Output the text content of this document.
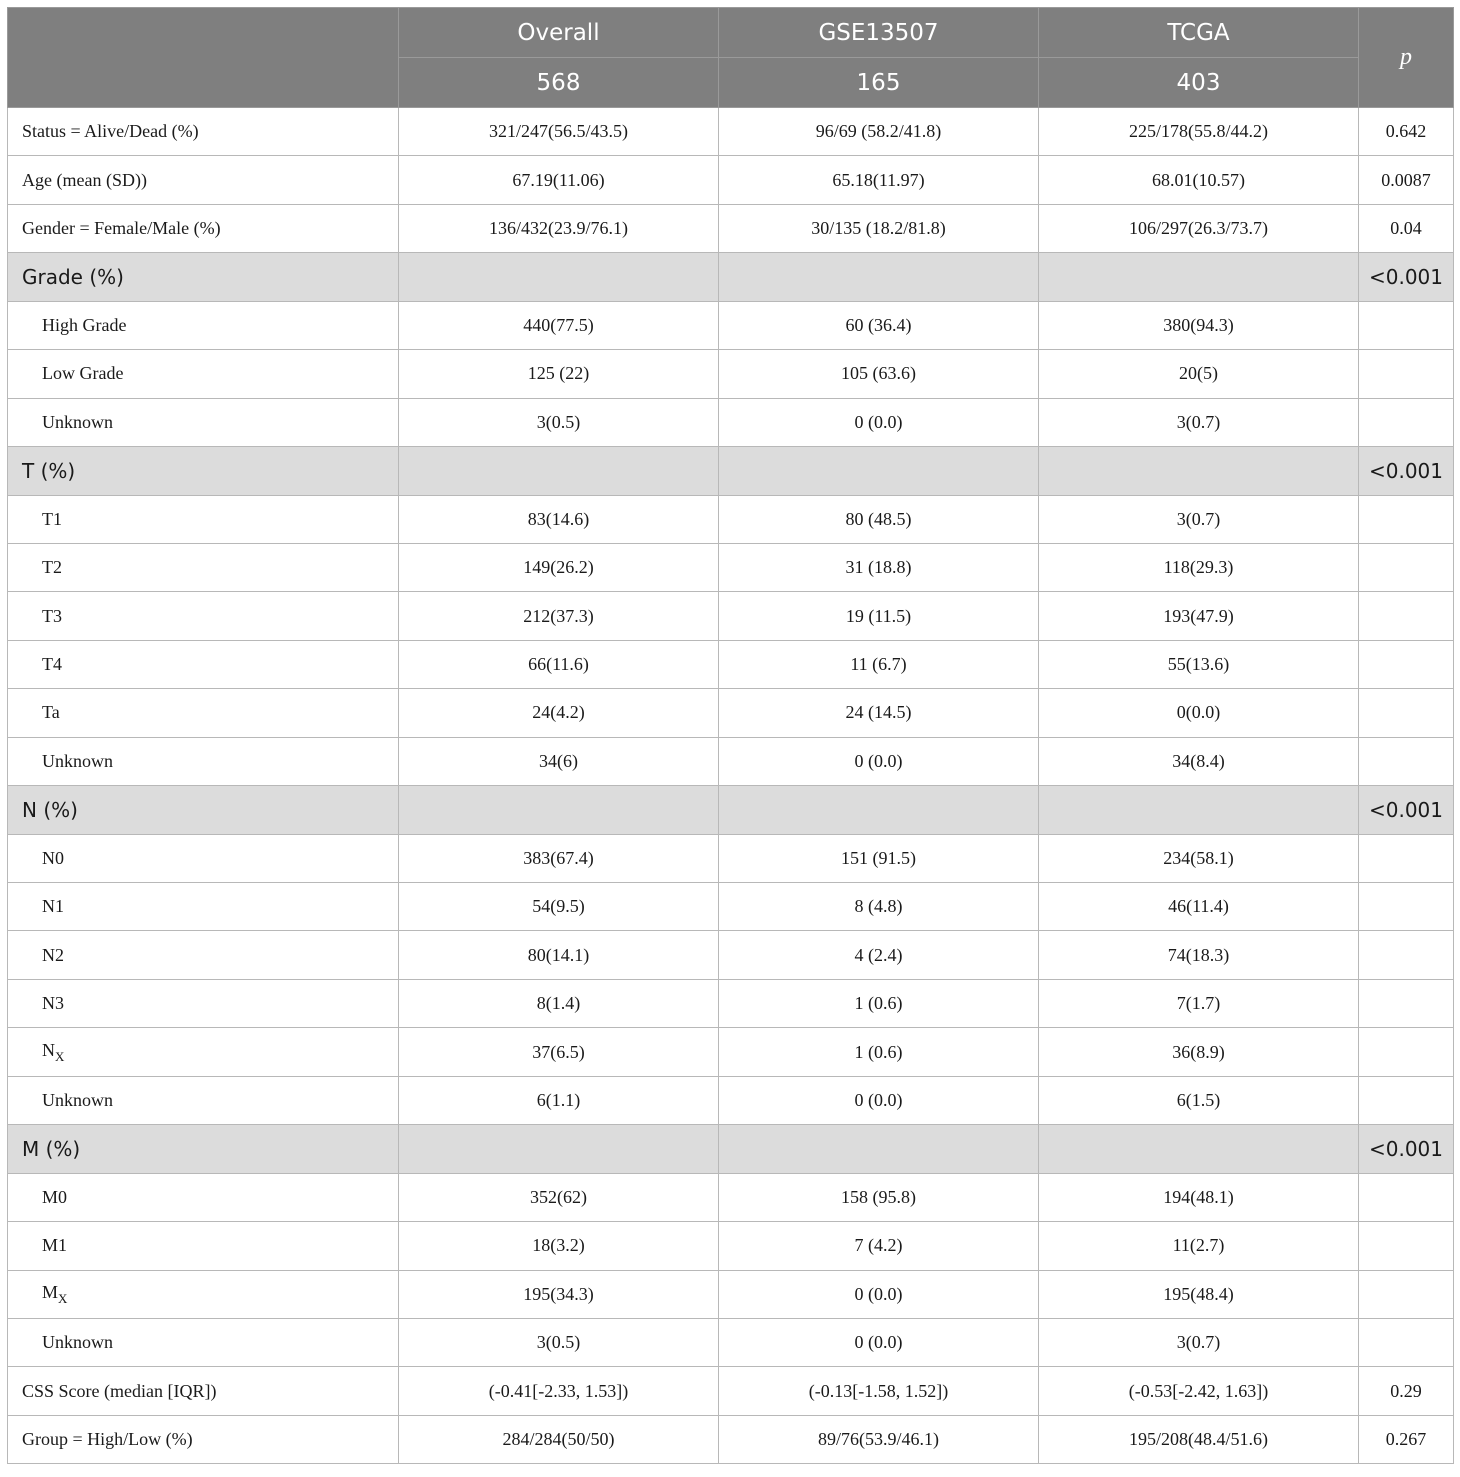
	Overall	GSE13507	TCGA	p
	568	165	403	
Status = Alive/Dead (%)	321/247(56.5/43.5)	96/69 (58.2/41.8)	225/178(55.8/44.2)	0.642
Age (mean (SD))	67.19(11.06)	65.18(11.97)	68.01(10.57)	0.0087
Gender = Female/Male (%)	136/432(23.9/76.1)	30/135 (18.2/81.8)	106/297(26.3/73.7)	0.04
Grade (%)				<0.001
High Grade	440(77.5)	60 (36.4)	380(94.3)	
Low Grade	125 (22)	105 (63.6)	20(5)	
Unknown	3(0.5)	0 (0.0)	3(0.7)	
T (%)				<0.001
T1	83(14.6)	80 (48.5)	3(0.7)	
T2	149(26.2)	31 (18.8)	118(29.3)	
T3	212(37.3)	19 (11.5)	193(47.9)	
T4	66(11.6)	11 (6.7)	55(13.6)	
Ta	24(4.2)	24 (14.5)	0(0.0)	
Unknown	34(6)	0 (0.0)	34(8.4)	
N (%)				<0.001
N0	383(67.4)	151 (91.5)	234(58.1)	
N1	54(9.5)	8 (4.8)	46(11.4)	
N2	80(14.1)	4 (2.4)	74(18.3)	
N3	8(1.4)	1 (0.6)	7(1.7)	
$N_X$	37(6.5)	1 (0.6)	36(8.9)	
Unknown	6(1.1)	0 (0.0)	6(1.5)	
M (%)				<0.001
M0	352(62)	158 (95.8)	194(48.1)	
M1	18(3.2)	7 (4.2)	11(2.7)	
$M_X$	195(34.3)	0 (0.0)	195(48.4)	
Unknown	3(0.5)	0 (0.0)	3(0.7)	
CSS Score (median [IQR])	(-0.41[-2.33, 1.53])	(-0.13[-1.58, 1.52])	(-0.53[-2.42, 1.63])	0.29
Group = High/Low (%)	284/284(50/50)	89/76(53.9/46.1)	195/208(48.4/51.6)	0.267
